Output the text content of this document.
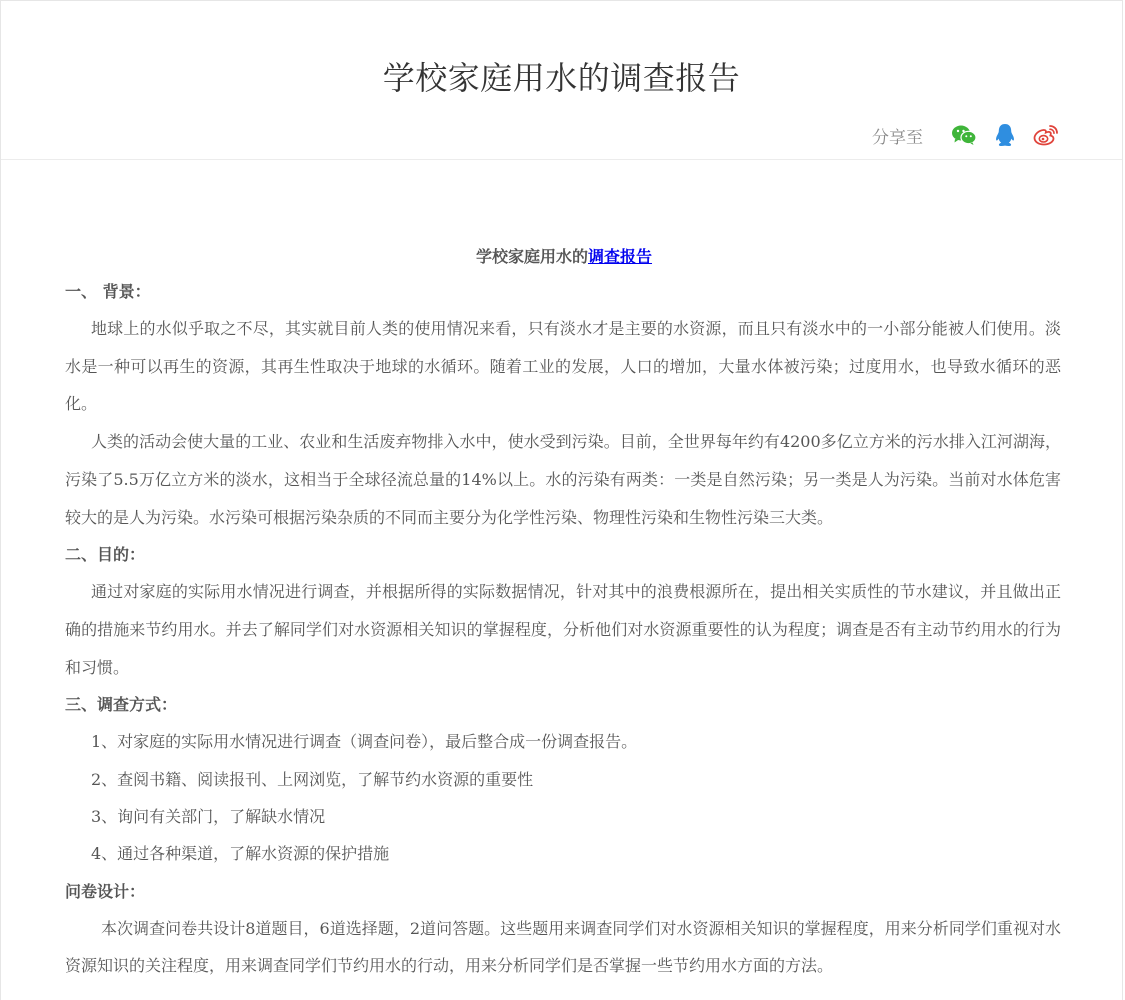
学校家庭用水的调查报告
分享至
学校家庭用水的调查报告
一、 背景：

地球上的水似乎取之不尽，其实就目前人类的使用情况来看，只有淡水才是主要的水资源，而且只有淡水中的一小部分能被人们使用。淡水是一种可以再生的资源，其再生性取决于地球的水循环。随着工业的发展，人口的增加，大量水体被污染；过度用水，也导致水循环的恶化。

人类的活动会使大量的工业、农业和生活废弃物排入水中，使水受到污染。目前，全世界每年约有4200多亿立方米的污水排入江河湖海，污染了5.5万亿立方米的淡水，这相当于全球径流总量的14%以上。水的污染有两类：一类是自然污染；另一类是人为污染。当前对水体危害较大的是人为污染。水污染可根据污染杂质的不同而主要分为化学性污染、物理性污染和生物性污染三大类。

二、目的：

通过对家庭的实际用水情况进行调查，并根据所得的实际数据情况，针对其中的浪费根源所在，提出相关实质性的节水建议，并且做出正确的措施来节约用水。并去了解同学们对水资源相关知识的掌握程度，分析他们对水资源重要性的认为程度；调查是否有主动节约用水的行为和习惯。

三、调查方式：
1、对家庭的实际用水情况进行调查（调查问卷），最后整合成一份调查报告。
2、查阅书籍、阅读报刊、上网浏览，了解节约水资源的重要性
3、询问有关部门，了解缺水情况
4、通过各种渠道，了解水资源的保护措施
问卷设计：

本次调查问卷共设计8道题目，6道选择题，2道问答题。这些题用来调查同学们对水资源相关知识的掌握程度，用来分析同学们重视对水资源知识的关注程度，用来调查同学们节约用水的行动，用来分析同学们是否掌握一些节约用水方面的方法。
